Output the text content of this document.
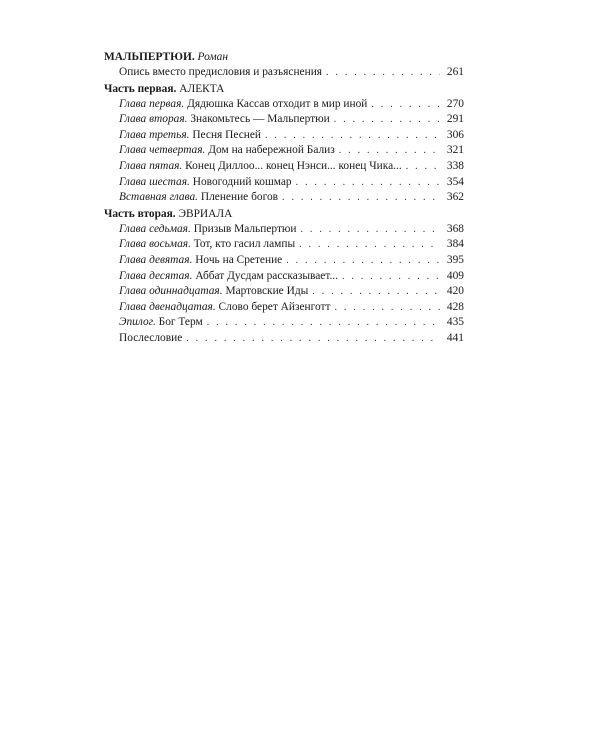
МАЛЬПЕРТЮИ. Роман
Опись вместо предисловия и разъяснения . . .	261
Часть первая. АЛЕКТА
Глава первая. Дядюшка Кассав отходит в мир иной . . .	270
Глава вторая. Знакомьтесь — Мальпертюи . . .	291
Глава третья. Песня Песней . . .	306
Глава четвертая. Дом на набережной Бализ . . .	321
Глава пятая. Конец Диллоо... конец Нэнси... конец Чика... . . .	338
Глава шестая. Новогодний кошмар . . .	354
Вставная глава. Пленение богов . . .	362
Часть вторая. ЭВРИАЛА
Глава седьмая. Призыв Мальпертюи . . .	368
Глава восьмая. Тот, кто гасил лампы . . .	384
Глава девятая. Ночь на Сретение . . .	395
Глава десятая. Аббат Дусдам рассказывает... . . .	409
Глава одиннадцатая. Мартовские Иды . . .	420
Глава двенадцатая. Слово берет Айзенготт . . .	428
Эпилог. Бог Терм . . .	435
Послесловие . . .	441
